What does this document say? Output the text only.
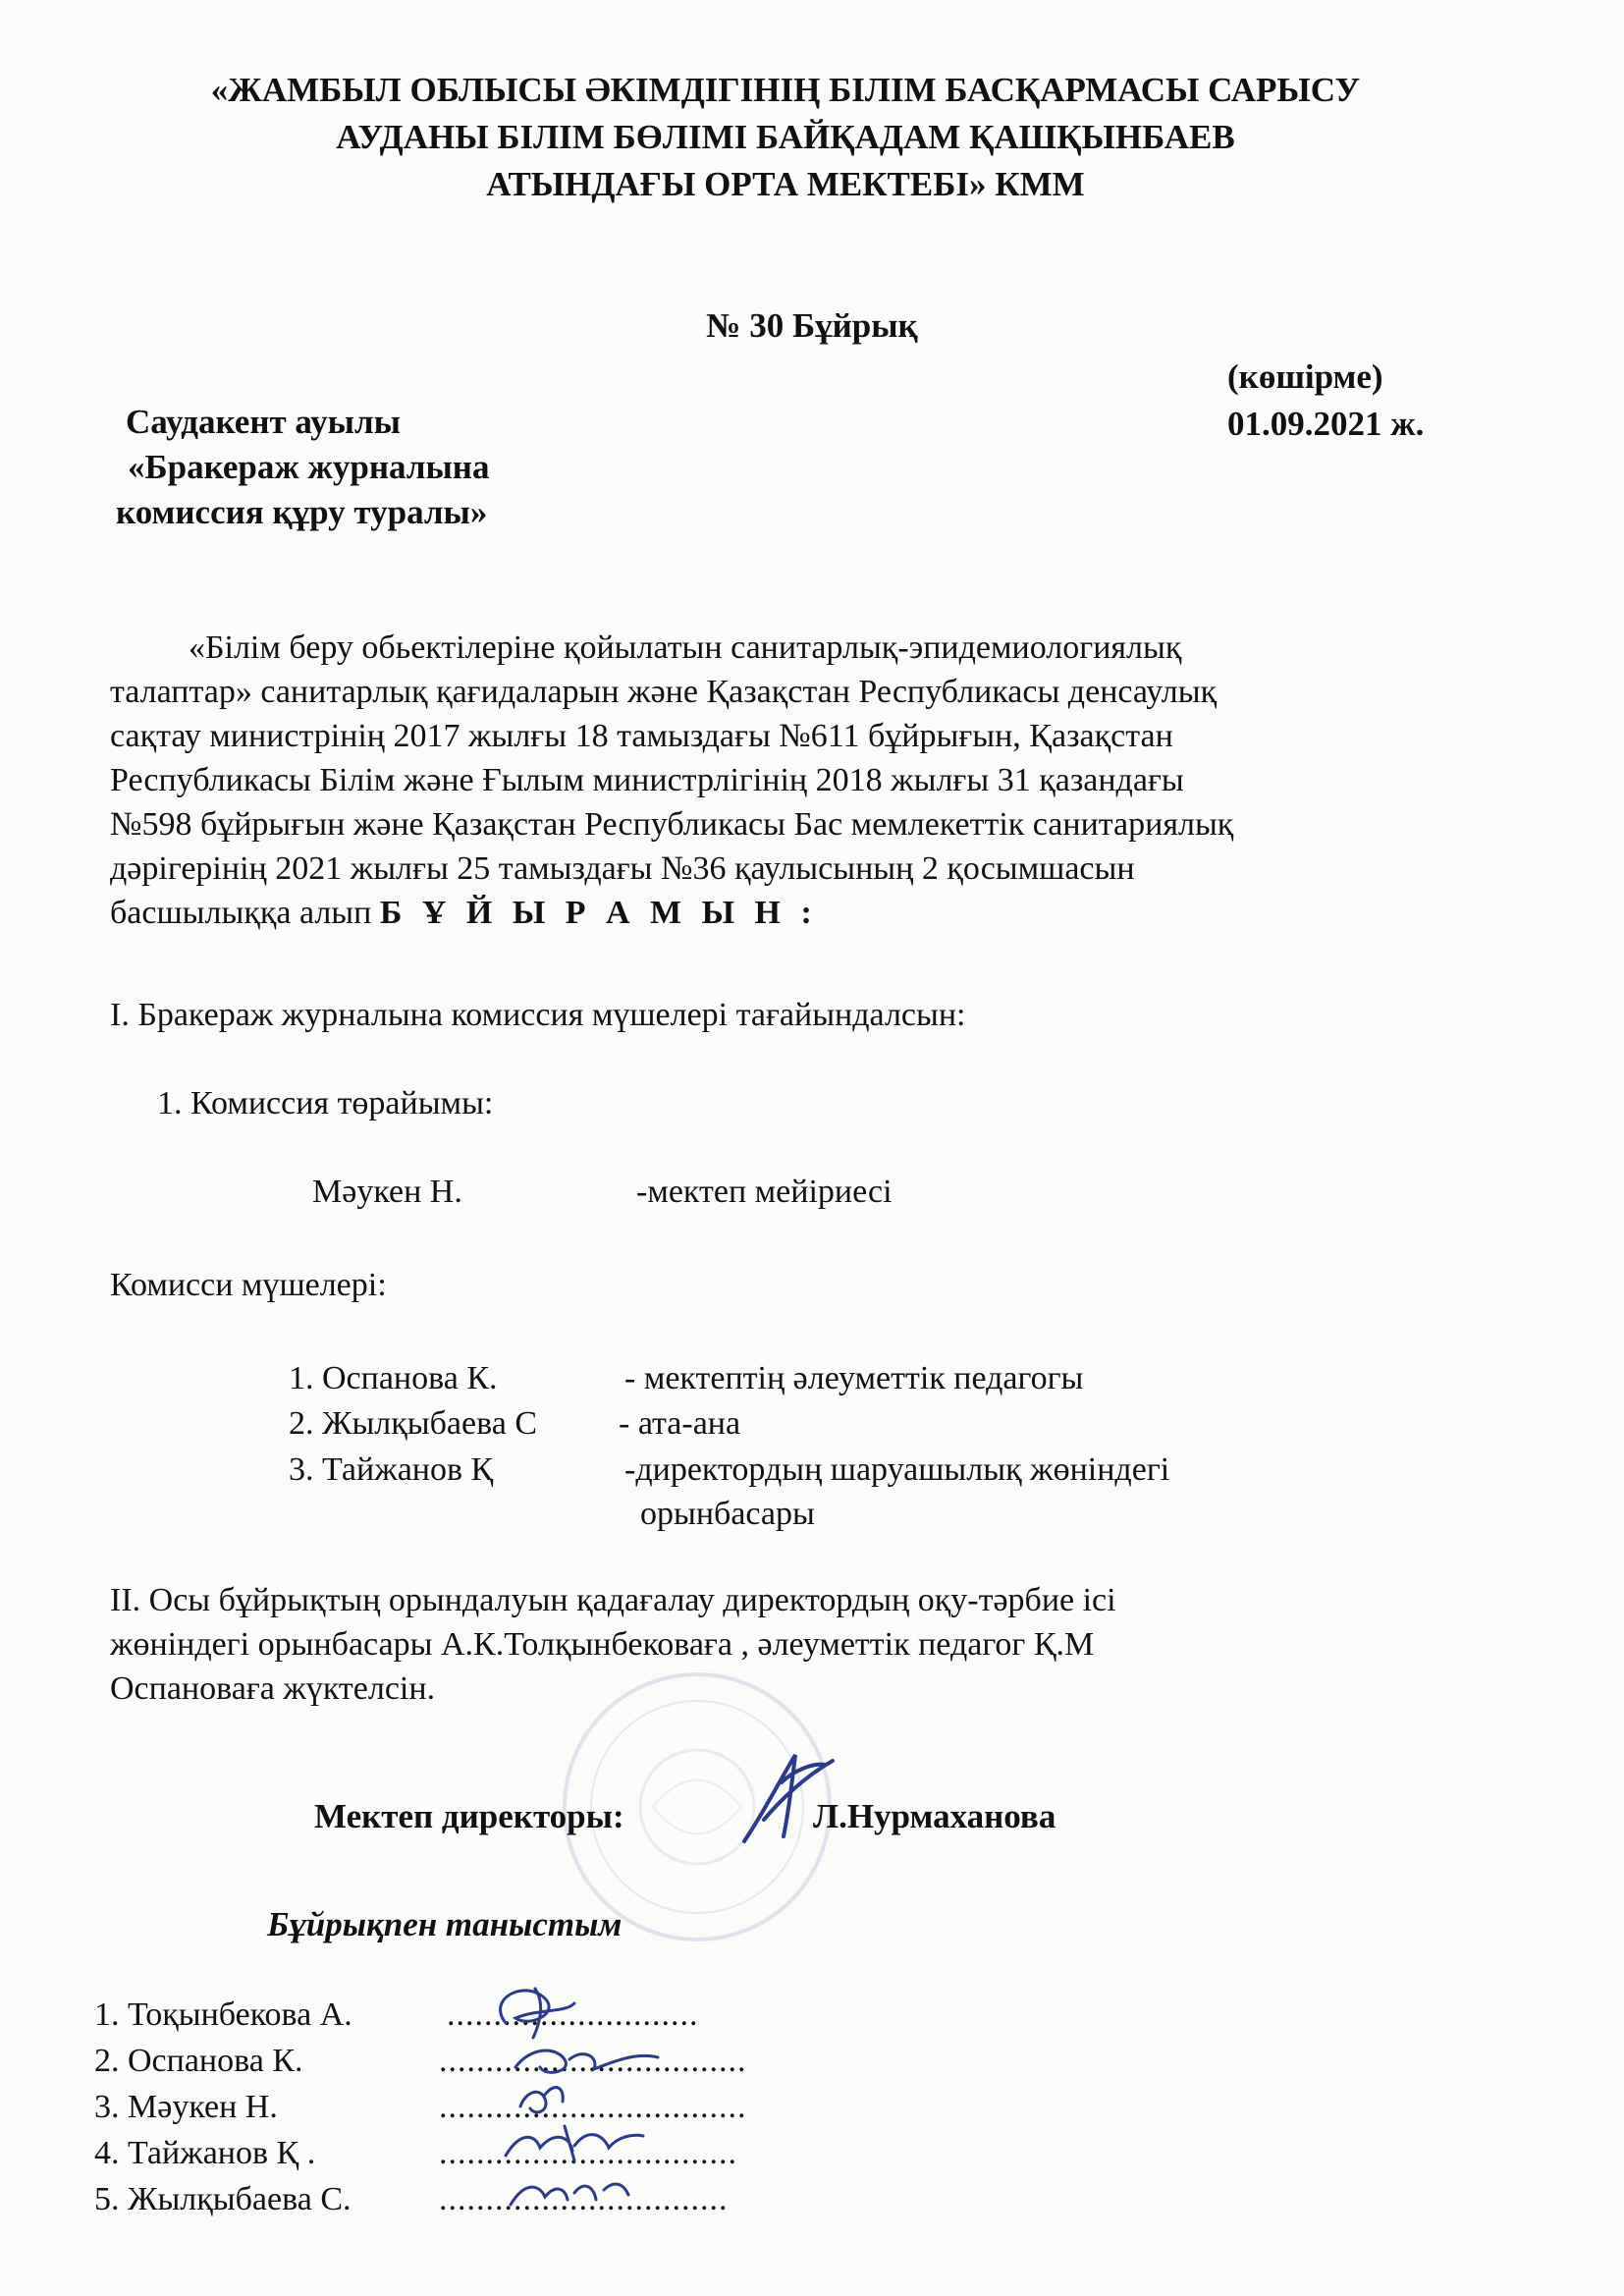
«ЖАМБЫЛ ОБЛЫСЫ ӘКІМДІГІНІҢ БІЛІМ БАСҚАРМАСЫ САРЫСУ
АУДАНЫ БІЛІМ БӨЛІМІ БАЙҚАДАМ ҚАШҚЫНБАЕВ
АТЫНДАҒЫ ОРТА МЕКТЕБІ» КММ
№ 30 Бұйрық
(көшірме)
01.09.2021 ж.
Саудакент ауылы
«Бракераж журналына
комиссия құру туралы»
«Білім беру обьектілеріне қойылатын санитарлық-эпидемиологиялық
талаптар» санитарлық қағидаларын және Қазақстан Республикасы денсаулық
сақтау министрінің 2017 жылғы 18 тамыздағы №611 бұйрығын, Қазақстан
Республикасы Білім және Ғылым министрлігінің 2018 жылғы 31 қазандағы
№598 бұйрығын және Қазақстан Республикасы Бас мемлекеттік санитариялық
дәрігерінің 2021 жылғы 25 тамыздағы №36 қаулысының 2 қосымшасын
басшылыққа алып Б Ұ Й Ы Р А М Ы Н :
I. Бракераж журналына комиссия мүшелері тағайындалсын:
1. Комиссия төрайымы:
Мәукен Н.	-мектеп мейіриесі
Комисси мүшелері:
1. Оспанова К.	- мектептің әлеуметтік педагогы
2. Жылқыбаева С - ата-ана
3. Тайжанов Қ	-директордың шаруашылық жөніндегі
орынбасары
II. Осы бұйрықтың орындалуын қадағалау директордың оқу-тәрбие ісі
жөніндегі орынбасары А.К.Толқынбековаға , әлеуметтік педагог Қ.М
Оспановаға жүктелсін.
Мектеп директоры:	Л.Нурмаханова
Бұйрықпен таныстым
1. Тоқынбекова А.	...........................
2. Оспанова К.	.................................
3. Мәукен Н.	.................................
4. Тайжанов Қ .	................................
5. Жылқыбаева С.	...............................
